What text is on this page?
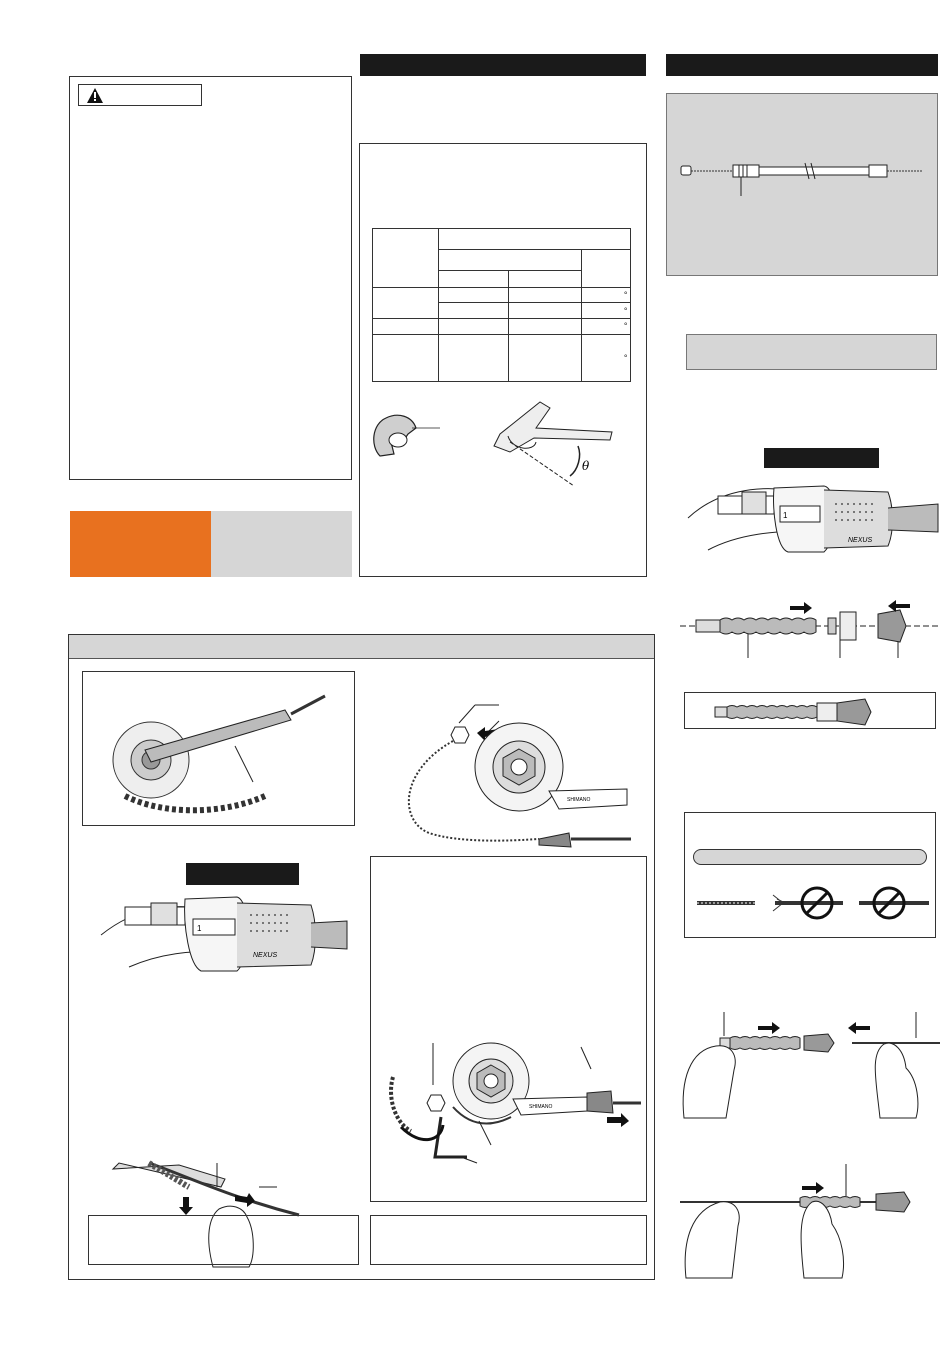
			°
			°
			°
			°
θ
1
NEXUS
SHIMANO
1
NEXUS
SHIMANO
